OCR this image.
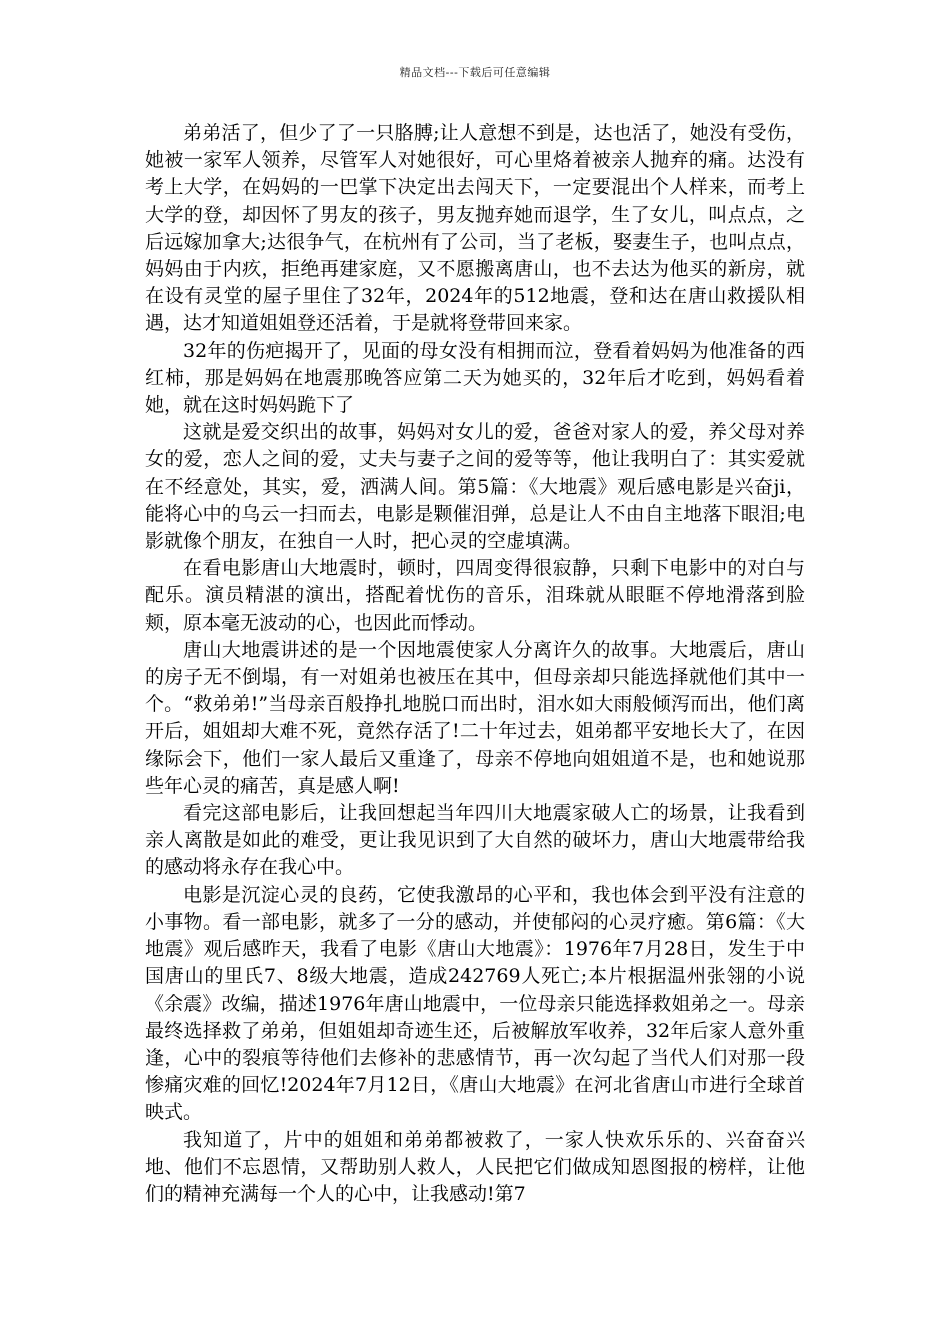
精品文档---下载后可任意编辑

弟弟活了，但少了了一只胳膊;让人意想不到是，达也活了，她没有受伤，她被一家军人领养，尽管军人对她很好，可心里烙着被亲人抛弃的痛。达没有考上大学，在妈妈的一巴掌下决定出去闯天下，一定要混出个人样来，而考上大学的登，却因怀了男友的孩子，男友抛弃她而退学，生了女儿，叫点点，之后远嫁加拿大;达很争气，在杭州有了公司，当了老板，娶妻生子，也叫点点，妈妈由于内疚，拒绝再建家庭，又不愿搬离唐山，也不去达为他买的新房，就在设有灵堂的屋子里住了32年，2024年的512地震，登和达在唐山救援队相遇，达才知道姐姐登还活着，于是就将登带回来家。

32年的伤疤揭开了，见面的母女没有相拥而泣，登看着妈妈为他准备的西红柿，那是妈妈在地震那晚答应第二天为她买的，32年后才吃到，妈妈看着她，就在这时妈妈跪下了

这就是爱交织出的故事，妈妈对女儿的爱，爸爸对家人的爱，养父母对养女的爱，恋人之间的爱，丈夫与妻子之间的爱等等，他让我明白了：其实爱就在不经意处，其实，爱，洒满人间。第5篇：《大地震》观后感电影是兴奋ji，能将心中的乌云一扫而去，电影是颗催泪弹，总是让人不由自主地落下眼泪;电影就像个朋友，在独自一人时，把心灵的空虚填满。

在看电影唐山大地震时，顿时，四周变得很寂静，只剩下电影中的对白与配乐。演员精湛的演出，搭配着忧伤的音乐，泪珠就从眼眶不停地滑落到脸颊，原本毫无波动的心，也因此而悸动。

唐山大地震讲述的是一个因地震使家人分离许久的故事。大地震后，唐山的房子无不倒塌，有一对姐弟也被压在其中，但母亲却只能选择就他们其中一个。“救弟弟!”当母亲百般挣扎地脱口而出时，泪水如大雨般倾泻而出，他们离开后，姐姐却大难不死，竟然存活了!二十年过去，姐弟都平安地长大了，在因缘际会下，他们一家人最后又重逢了，母亲不停地向姐姐道不是，也和她说那些年心灵的痛苦，真是感人啊!

看完这部电影后，让我回想起当年四川大地震家破人亡的场景，让我看到亲人离散是如此的难受，更让我见识到了大自然的破坏力，唐山大地震带给我的感动将永存在我心中。

电影是沉淀心灵的良药，它使我激昂的心平和，我也体会到平没有注意的小事物。看一部电影，就多了一分的感动，并使郁闷的心灵疗癒。第6篇：《大地震》观后感昨天，我看了电影《唐山大地震》：1976年7月28日，发生于中国唐山的里氏7、8级大地震，造成242769人死亡;本片根据温州张翎的小说《余震》改编，描述1976年唐山地震中，一位母亲只能选择救姐弟之一。母亲最终选择救了弟弟，但姐姐却奇迹生还，后被解放军收养，32年后家人意外重逢，心中的裂痕等待他们去修补的悲感情节，再一次勾起了当代人们对那一段惨痛灾难的回忆!2024年7月12日，《唐山大地震》在河北省唐山市进行全球首映式。

我知道了，片中的姐姐和弟弟都被救了，一家人快欢乐乐的、兴奋奋兴地、他们不忘恩情，又帮助别人救人，人民把它们做成知恩图报的榜样，让他们的精神充满每一个人的心中，让我感动!第7
